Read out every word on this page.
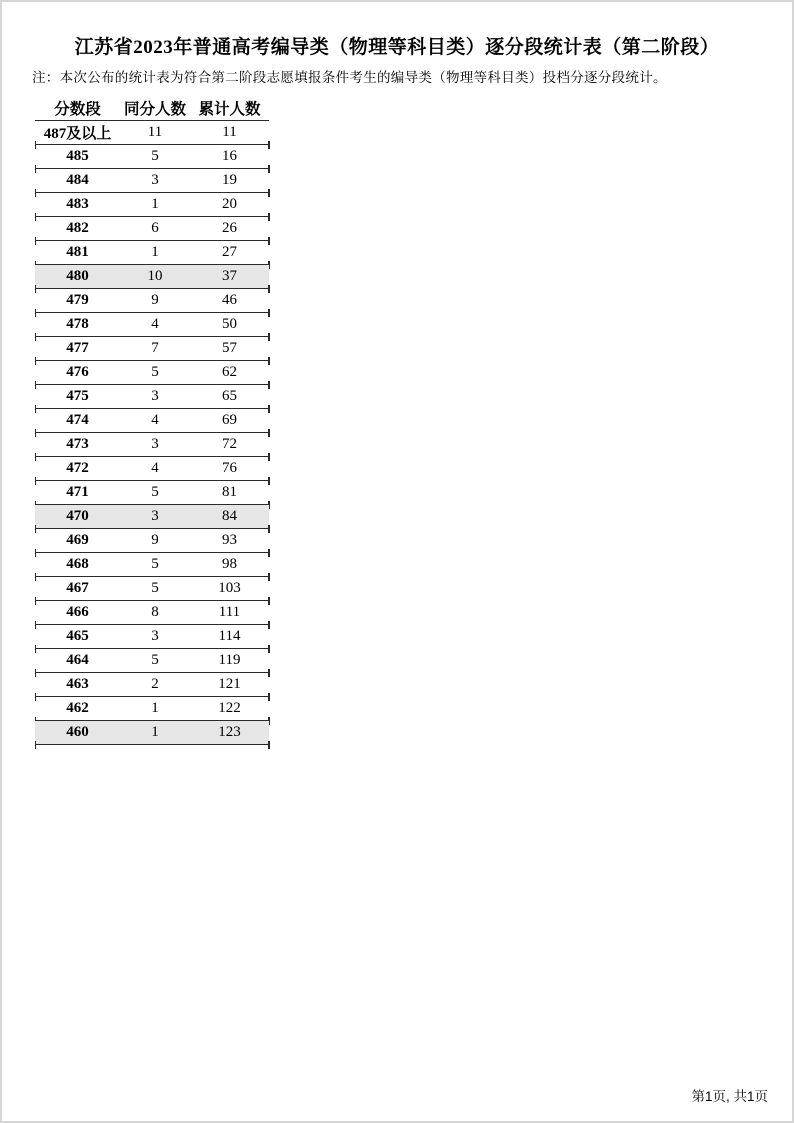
江苏省2023年普通高考编导类（物理等科目类）逐分段统计表（第二阶段）
注：本次公布的统计表为符合第二阶段志愿填报条件考生的编导类（物理等科目类）投档分逐分段统计。
分数段	同分人数 累计人数
487及以上	11	11
485	5	16
484	3	19
483	1	20
482	6	26
481	1	27
480	10	37
479	9	46
478	4	50
477	7	57
476	5	62
475	3	65
474	4	69
473	3	72
472	4	76
471	5	81
470	3	84
469	9	93
468	5	98
467	5	103
466	8	111
465	3	114
464	5	119
463	2	121
462	1	122
460	1	123
第1页, 共1页
